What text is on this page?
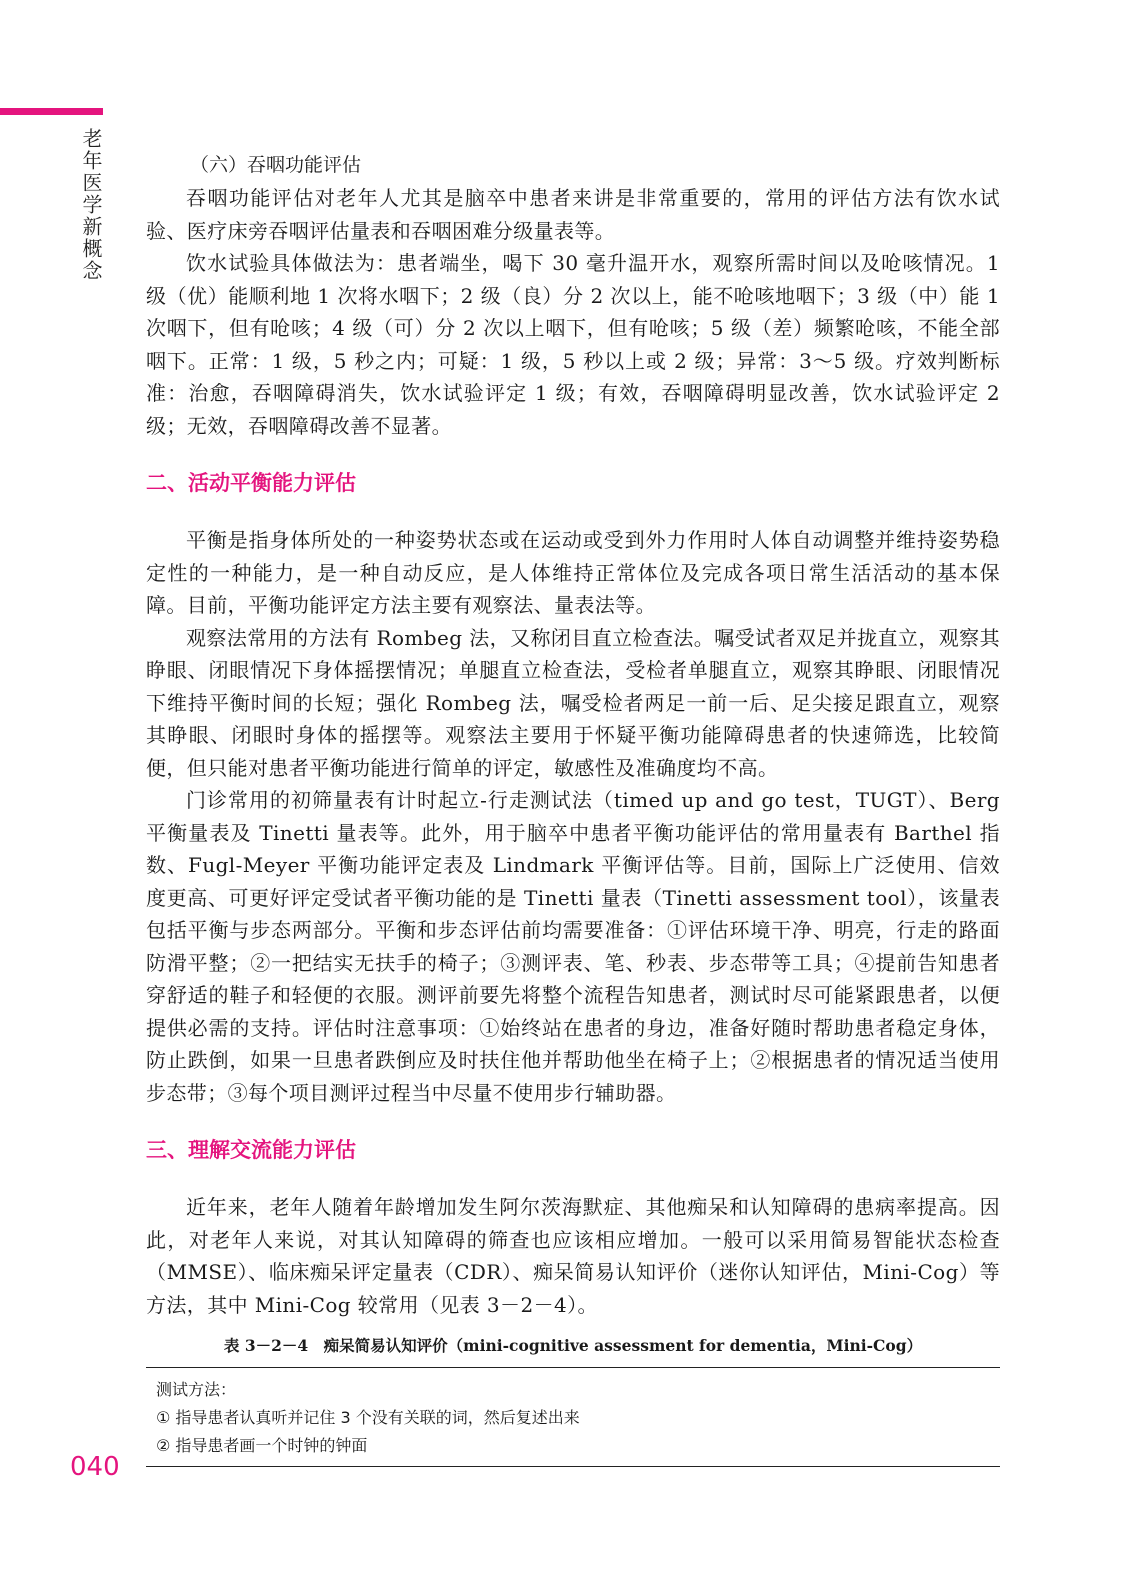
老年医学新概念	（六）吞咽功能评估

吞咽功能评估对老年人尤其是脑卒中患者来讲是非常重要的，常用的评估方法有饮水试验、医疗床旁吞咽评估量表和吞咽困难分级量表等。

饮水试验具体做法为：患者端坐，喝下 30 毫升温开水，观察所需时间以及呛咳情况。1 级（优）能顺利地 1 次将水咽下；2 级（良）分 2 次以上，能不呛咳地咽下；3 级（中）能 1 次咽下，但有呛咳；4 级（可）分 2 次以上咽下，但有呛咳；5 级（差）频繁呛咳，不能全部咽下。正常：1 级，5 秒之内；可疑：1 级，5 秒以上或 2 级；异常：3～5 级。疗效判断标准：治愈，吞咽障碍消失，饮水试验评定 1 级；有效，吞咽障碍明显改善，饮水试验评定 2 级；无效，吞咽障碍改善不显著。

二、活动平衡能力评估

平衡是指身体所处的一种姿势状态或在运动或受到外力作用时人体自动调整并维持姿势稳定性的一种能力，是一种自动反应，是人体维持正常体位及完成各项日常生活活动的基本保障。目前，平衡功能评定方法主要有观察法、量表法等。

观察法常用的方法有 Rombeg 法，又称闭目直立检查法。嘱受试者双足并拢直立，观察其睁眼、闭眼情况下身体摇摆情况；单腿直立检查法，受检者单腿直立，观察其睁眼、闭眼情况下维持平衡时间的长短；强化 Rombeg 法，嘱受检者两足一前一后、足尖接足跟直立，观察其睁眼、闭眼时身体的摇摆等。观察法主要用于怀疑平衡功能障碍患者的快速筛选，比较简便，但只能对患者平衡功能进行简单的评定，敏感性及准确度均不高。

门诊常用的初筛量表有计时起立-行走测试法（timed up and go test，TUGT）、Berg 平衡量表及 Tinetti 量表等。此外，用于脑卒中患者平衡功能评估的常用量表有 Barthel 指数、Fugl-Meyer 平衡功能评定表及 Lindmark 平衡评估等。目前，国际上广泛使用、信效度更高、可更好评定受试者平衡功能的是 Tinetti 量表（Tinetti assessment tool），该量表包括平衡与步态两部分。平衡和步态评估前均需要准备：①评估环境干净、明亮，行走的路面防滑平整；②一把结实无扶手的椅子；③测评表、笔、秒表、步态带等工具；④提前告知患者穿舒适的鞋子和轻便的衣服。测评前要先将整个流程告知患者，测试时尽可能紧跟患者，以便提供必需的支持。评估时注意事项：①始终站在患者的身边，准备好随时帮助患者稳定身体，防止跌倒，如果一旦患者跌倒应及时扶住他并帮助他坐在椅子上；②根据患者的情况适当使用步态带；③每个项目测评过程当中尽量不使用步行辅助器。

三、理解交流能力评估

近年来，老年人随着年龄增加发生阿尔茨海默症、其他痴呆和认知障碍的患病率提高。因此，对老年人来说，对其认知障碍的筛查也应该相应增加。一般可以采用简易智能状态检查（MMSE）、临床痴呆评定量表（CDR）、痴呆简易认知评价（迷你认知评估，Mini-Cog）等方法，其中 Mini-Cog 较常用（见表 3－2－4）。

表 3－2－4　痴呆简易认知评价（mini-cognitive assessment for dementia，Mini-Cog）
测试方法：
① 指导患者认真听并记住 3 个没有关联的词，然后复述出来
② 指导患者画一个时钟的钟面
040
